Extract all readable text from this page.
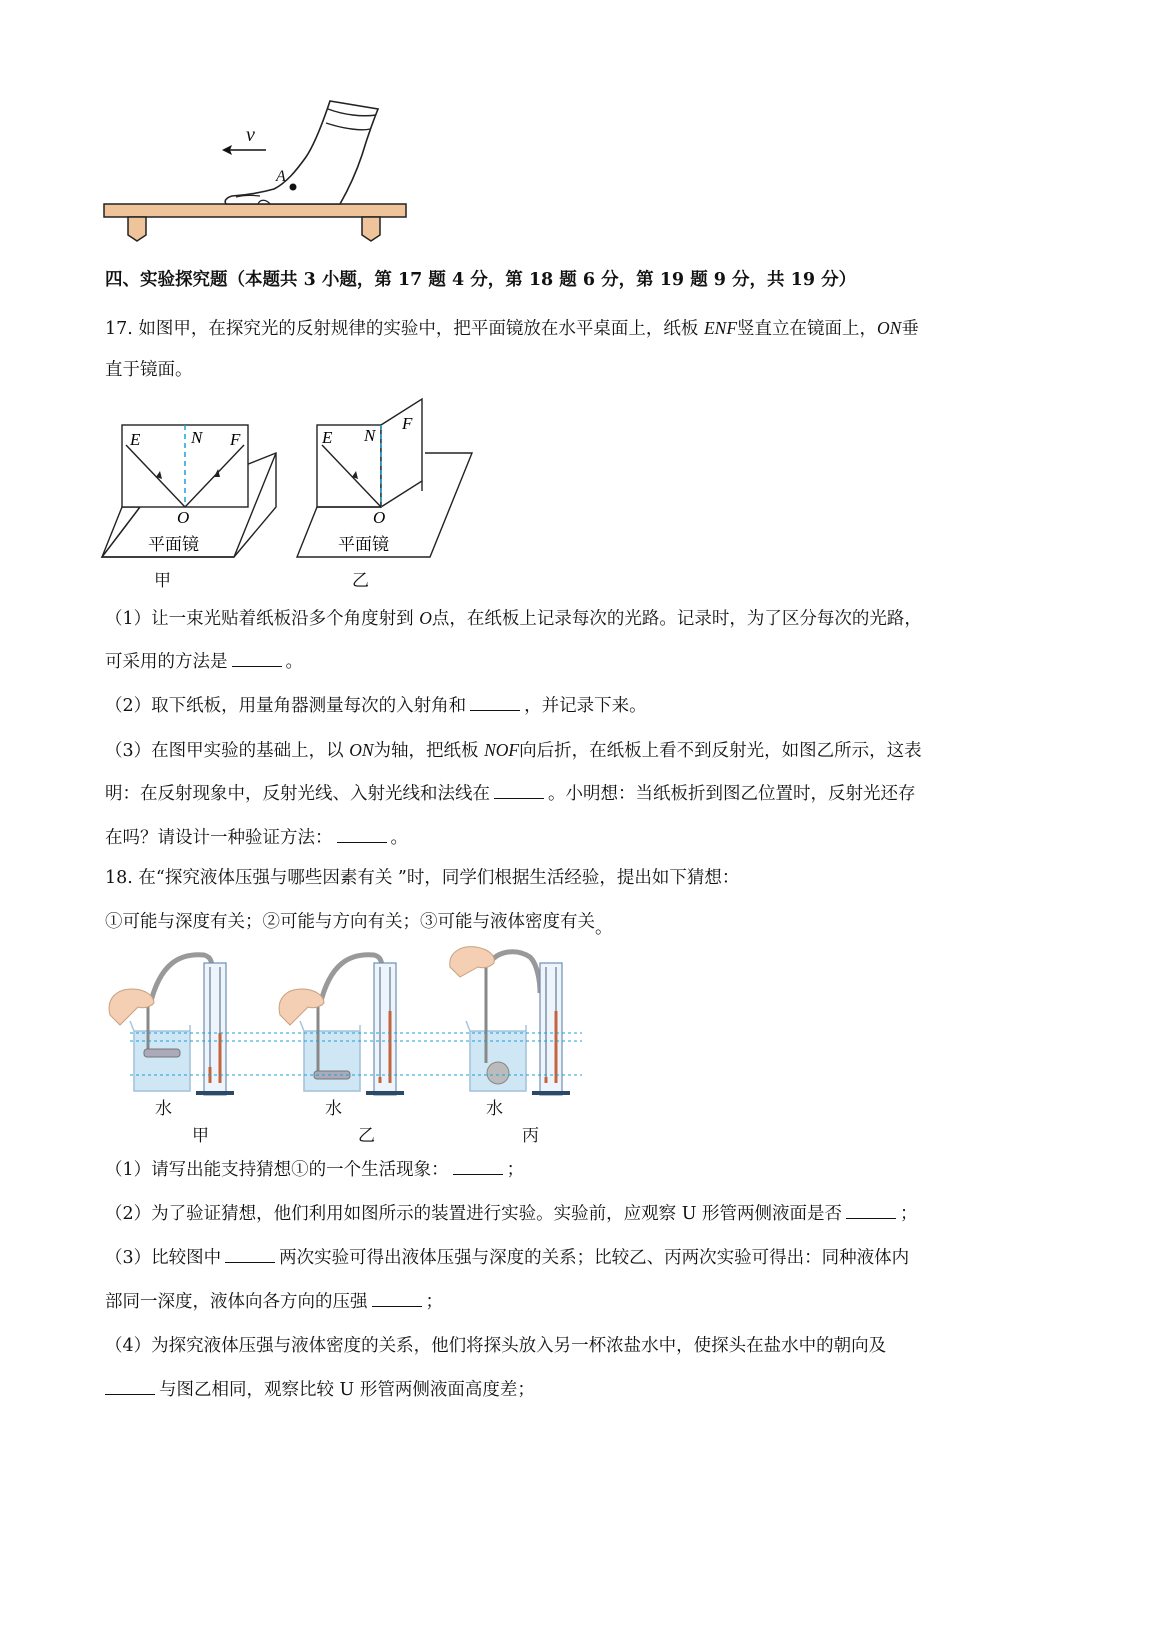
A
v
四、实验探究题（本题共 3 小题，第 17 题 4 分，第 18 题 6 分，第 19 题 9 分，共 19 分）
17. 如图甲，在探究光的反射规律的实验中，把平面镜放在水平桌面上，纸板 ENF竖直立在镜面上，ON垂
直于镜面。
E	N F
O
平面镜
E N
F
O
平面镜
甲	乙
（1）让一束光贴着纸板沿多个角度射到 O点，在纸板上记录每次的光路。记录时，为了区分每次的光路，
可采用的方法是	。
（2）取下纸板，用量角器测量每次的入射角和	，并记录下来。
（3）在图甲实验的基础上，以 ON为轴，把纸板 NOF向后折，在纸板上看不到反射光，如图乙所示，这表
明：在反射现象中，反射光线、入射光线和法线在	。小明想：当纸板折到图乙位置时，反射光还存
在吗？请设计一种验证方法：	。
18. 在“探究液体压强与哪些因素有关 ”时，同学们根据生活经验，提出如下猜想：
①可能与深度有关；②可能与方向有关；③可能与液体密度有关。
水	水	水
甲	乙	丙
（1）请写出能支持猜想①的一个生活现象：	；
（2）为了验证猜想，他们利用如图所示的装置进行实验。实验前，应观察 U 形管两侧液面是否	；
（3）比较图中	两次实验可得出液体压强与深度的关系；比较乙、丙两次实验可得出：同种液体内
部同一深度，液体向各方向的压强	；
（4）为探究液体压强与液体密度的关系，他们将探头放入另一杯浓盐水中，使探头在盐水中的朝向及
与图乙相同，观察比较 U 形管两侧液面高度差；
